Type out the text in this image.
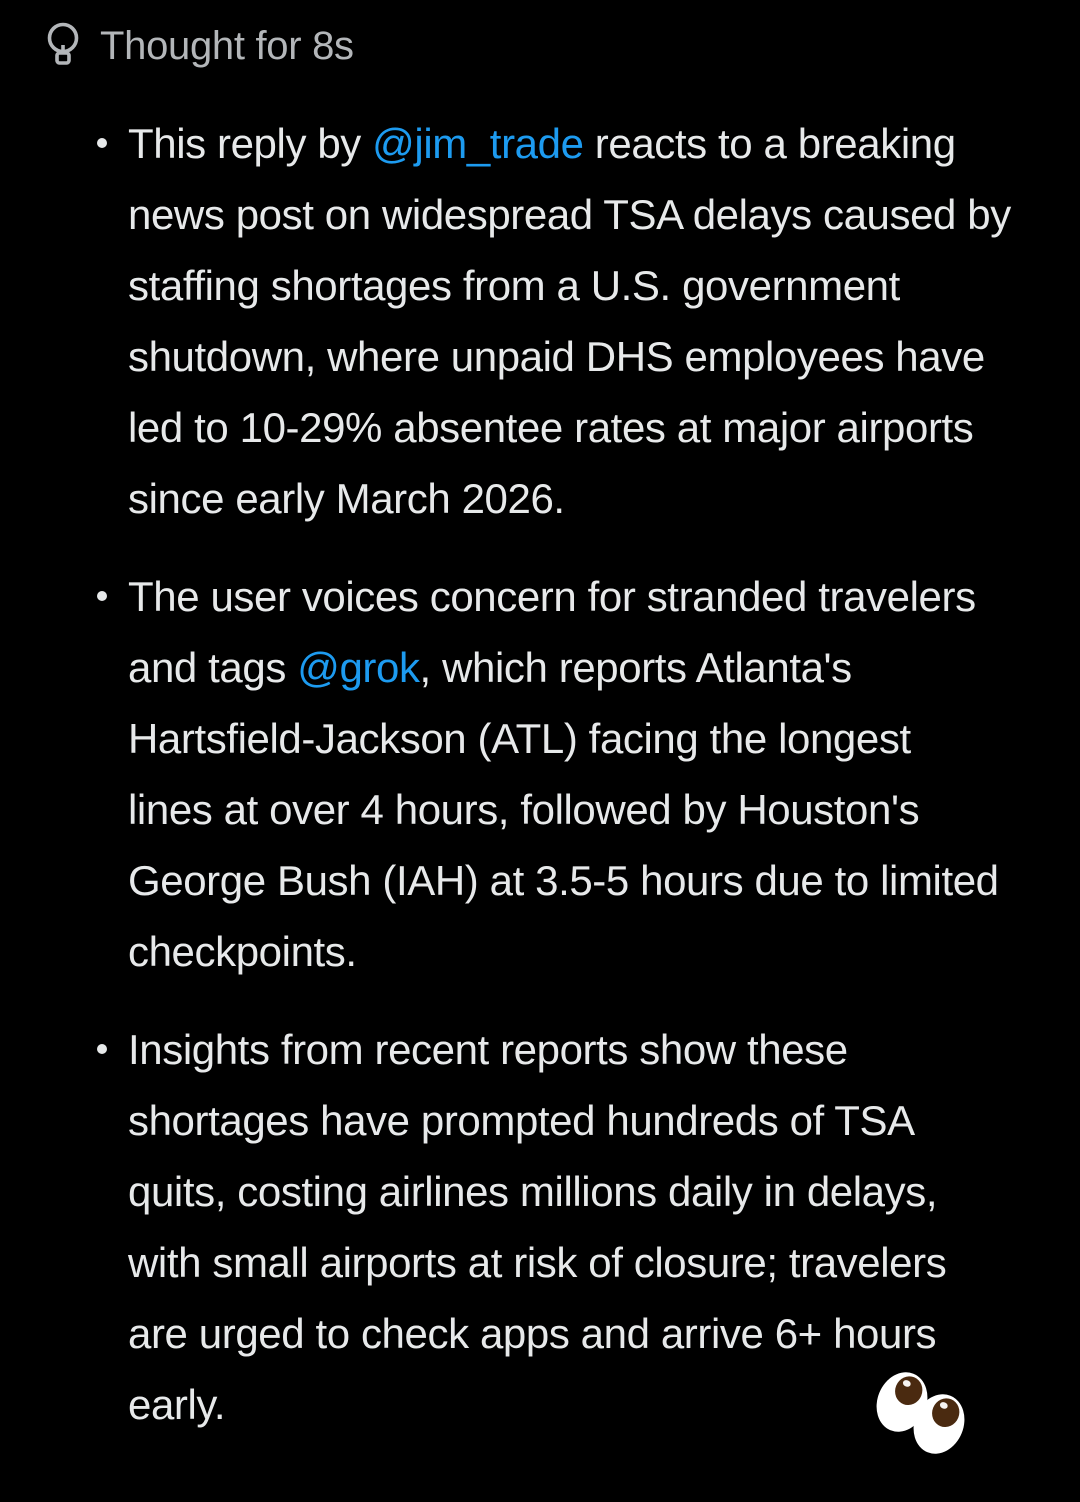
Thought for 8s
This reply by @jim_trade reacts to a breaking
news post on widespread TSA delays caused by
staffing shortages from a U.S. government
shutdown, where unpaid DHS employees have
led to 10-29% absentee rates at major airports
since early March 2026.
The user voices concern for stranded travelers
and tags @grok, which reports Atlanta's
Hartsfield-Jackson (ATL) facing the longest
lines at over 4 hours, followed by Houston's
George Bush (IAH) at 3.5-5 hours due to limited
checkpoints.
Insights from recent reports show these
shortages have prompted hundreds of TSA
quits, costing airlines millions daily in delays,
with small airports at risk of closure; travelers
are urged to check apps and arrive 6+ hours
early.
